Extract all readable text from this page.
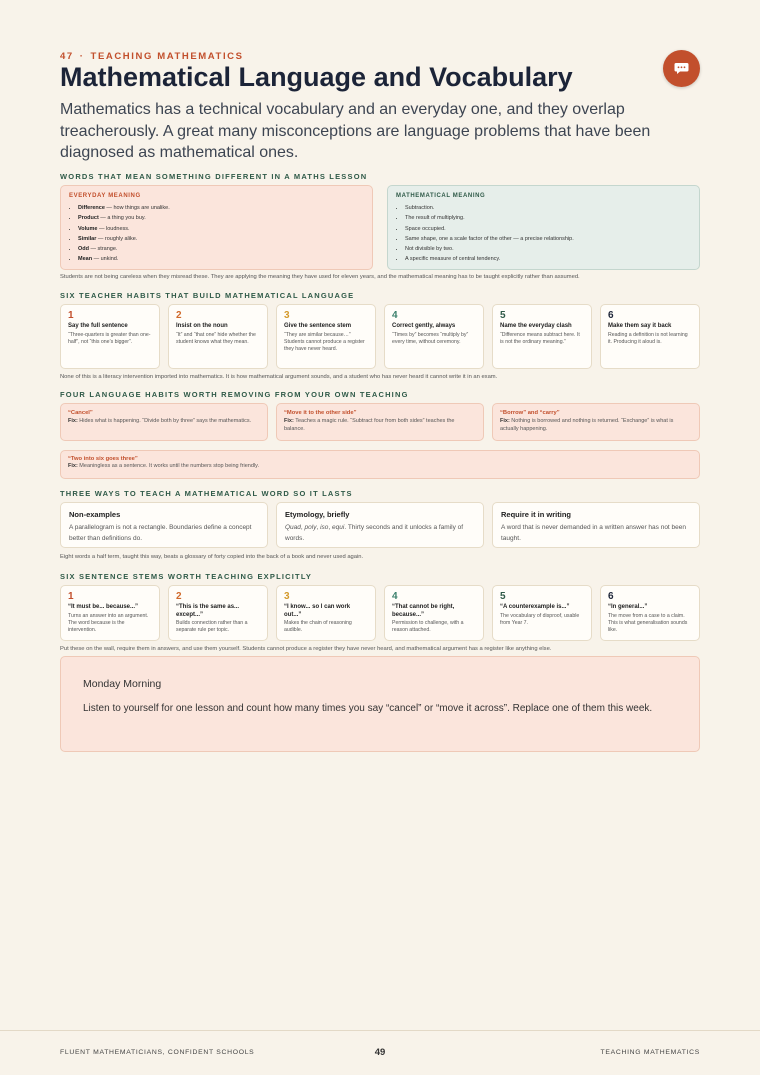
47 · TEACHING MATHEMATICS
Mathematical Language and Vocabulary

Mathematics has a technical vocabulary and an everyday one, and they overlap treacherously. A great many misconceptions are language problems that have been diagnosed as mathematical ones.

WORDS THAT MEAN SOMETHING DIFFERENT IN A MATHS LESSON
EVERYDAY MEANING
• Difference — how things are unalike.
• Product — a thing you buy.
• Volume — loudness.
• Similar — roughly alike.
• Odd — strange.
• Mean — unkind.
MATHEMATICAL MEANING
• Subtraction.
• The result of multiplying.
• Space occupied.
• Same shape, one a scale factor of the other — a precise relationship.
• Not divisible by two.
• A specific measure of central tendency.
Students are not being careless when they misread these. They are applying the meaning they have used for eleven years, and the mathematical meaning has to be taught explicitly rather than assumed.
SIX TEACHER HABITS THAT BUILD MATHEMATICAL LANGUAGE
1
Say the full sentence
“Three-quarters is greater than one-half”, not “this one’s bigger”.
2
Insist on the noun
“It” and “that one” hide whether the student knows what they mean.
3
Give the sentence stem
“They are similar because…” Students cannot produce a register they have never heard.
4
Correct gently, always
“Times by” becomes “multiply by” every time, without ceremony.
5
Name the everyday clash
“Difference means subtract here. It is not the ordinary meaning.”
6
Make them say it back
Reading a definition is not learning it. Producing it aloud is.
None of this is a literacy intervention imported into mathematics. It is how mathematical argument sounds, and a student who has never heard it cannot write it in an exam.
FOUR LANGUAGE HABITS WORTH REMOVING FROM YOUR OWN TEACHING
“Cancel”
Fix: Hides what is happening. “Divide both by three” says the mathematics.
“Move it to the other side”
Fix: Teaches a magic rule. “Subtract four from both sides” teaches the balance.
“Borrow” and “carry”
Fix: Nothing is borrowed and nothing is returned. “Exchange” is what is actually happening.
“Two into six goes three”
Fix: Meaningless as a sentence. It works until the numbers stop being friendly.
THREE WAYS TO TEACH A MATHEMATICAL WORD SO IT LASTS
Non-examples
A parallelogram is not a rectangle. Boundaries define a concept better than definitions do.
Etymology, briefly
Quad, poly, iso, equi. Thirty seconds and it unlocks a family of words.
Require it in writing
A word that is never demanded in a written answer has not been taught.
Eight words a half term, taught this way, beats a glossary of forty copied into the back of a book and never used again.
SIX SENTENCE STEMS WORTH TEACHING EXPLICITLY
1
“It must be... because...”
Turns an answer into an argument. The word because is the intervention.
2
“This is the same as... except...”
Builds connection rather than a separate rule per topic.
3
“I know... so I can work out...”
Makes the chain of reasoning audible.
4
“That cannot be right, because...”
Permission to challenge, with a reason attached.
5
“A counterexample is...”
The vocabulary of disproof, usable from Year 7.
6
“In general...”
The move from a case to a claim. This is what generalisation sounds like.
Put these on the wall, require them in answers, and use them yourself. Students cannot produce a register they have never heard, and mathematical argument has a register like anything else.
Monday Morning
Listen to yourself for one lesson and count how many times you say “cancel” or “move it across”. Replace one of them this week.
FLUENT MATHEMATICIANS, CONFIDENT SCHOOLS	49	TEACHING MATHEMATICS
